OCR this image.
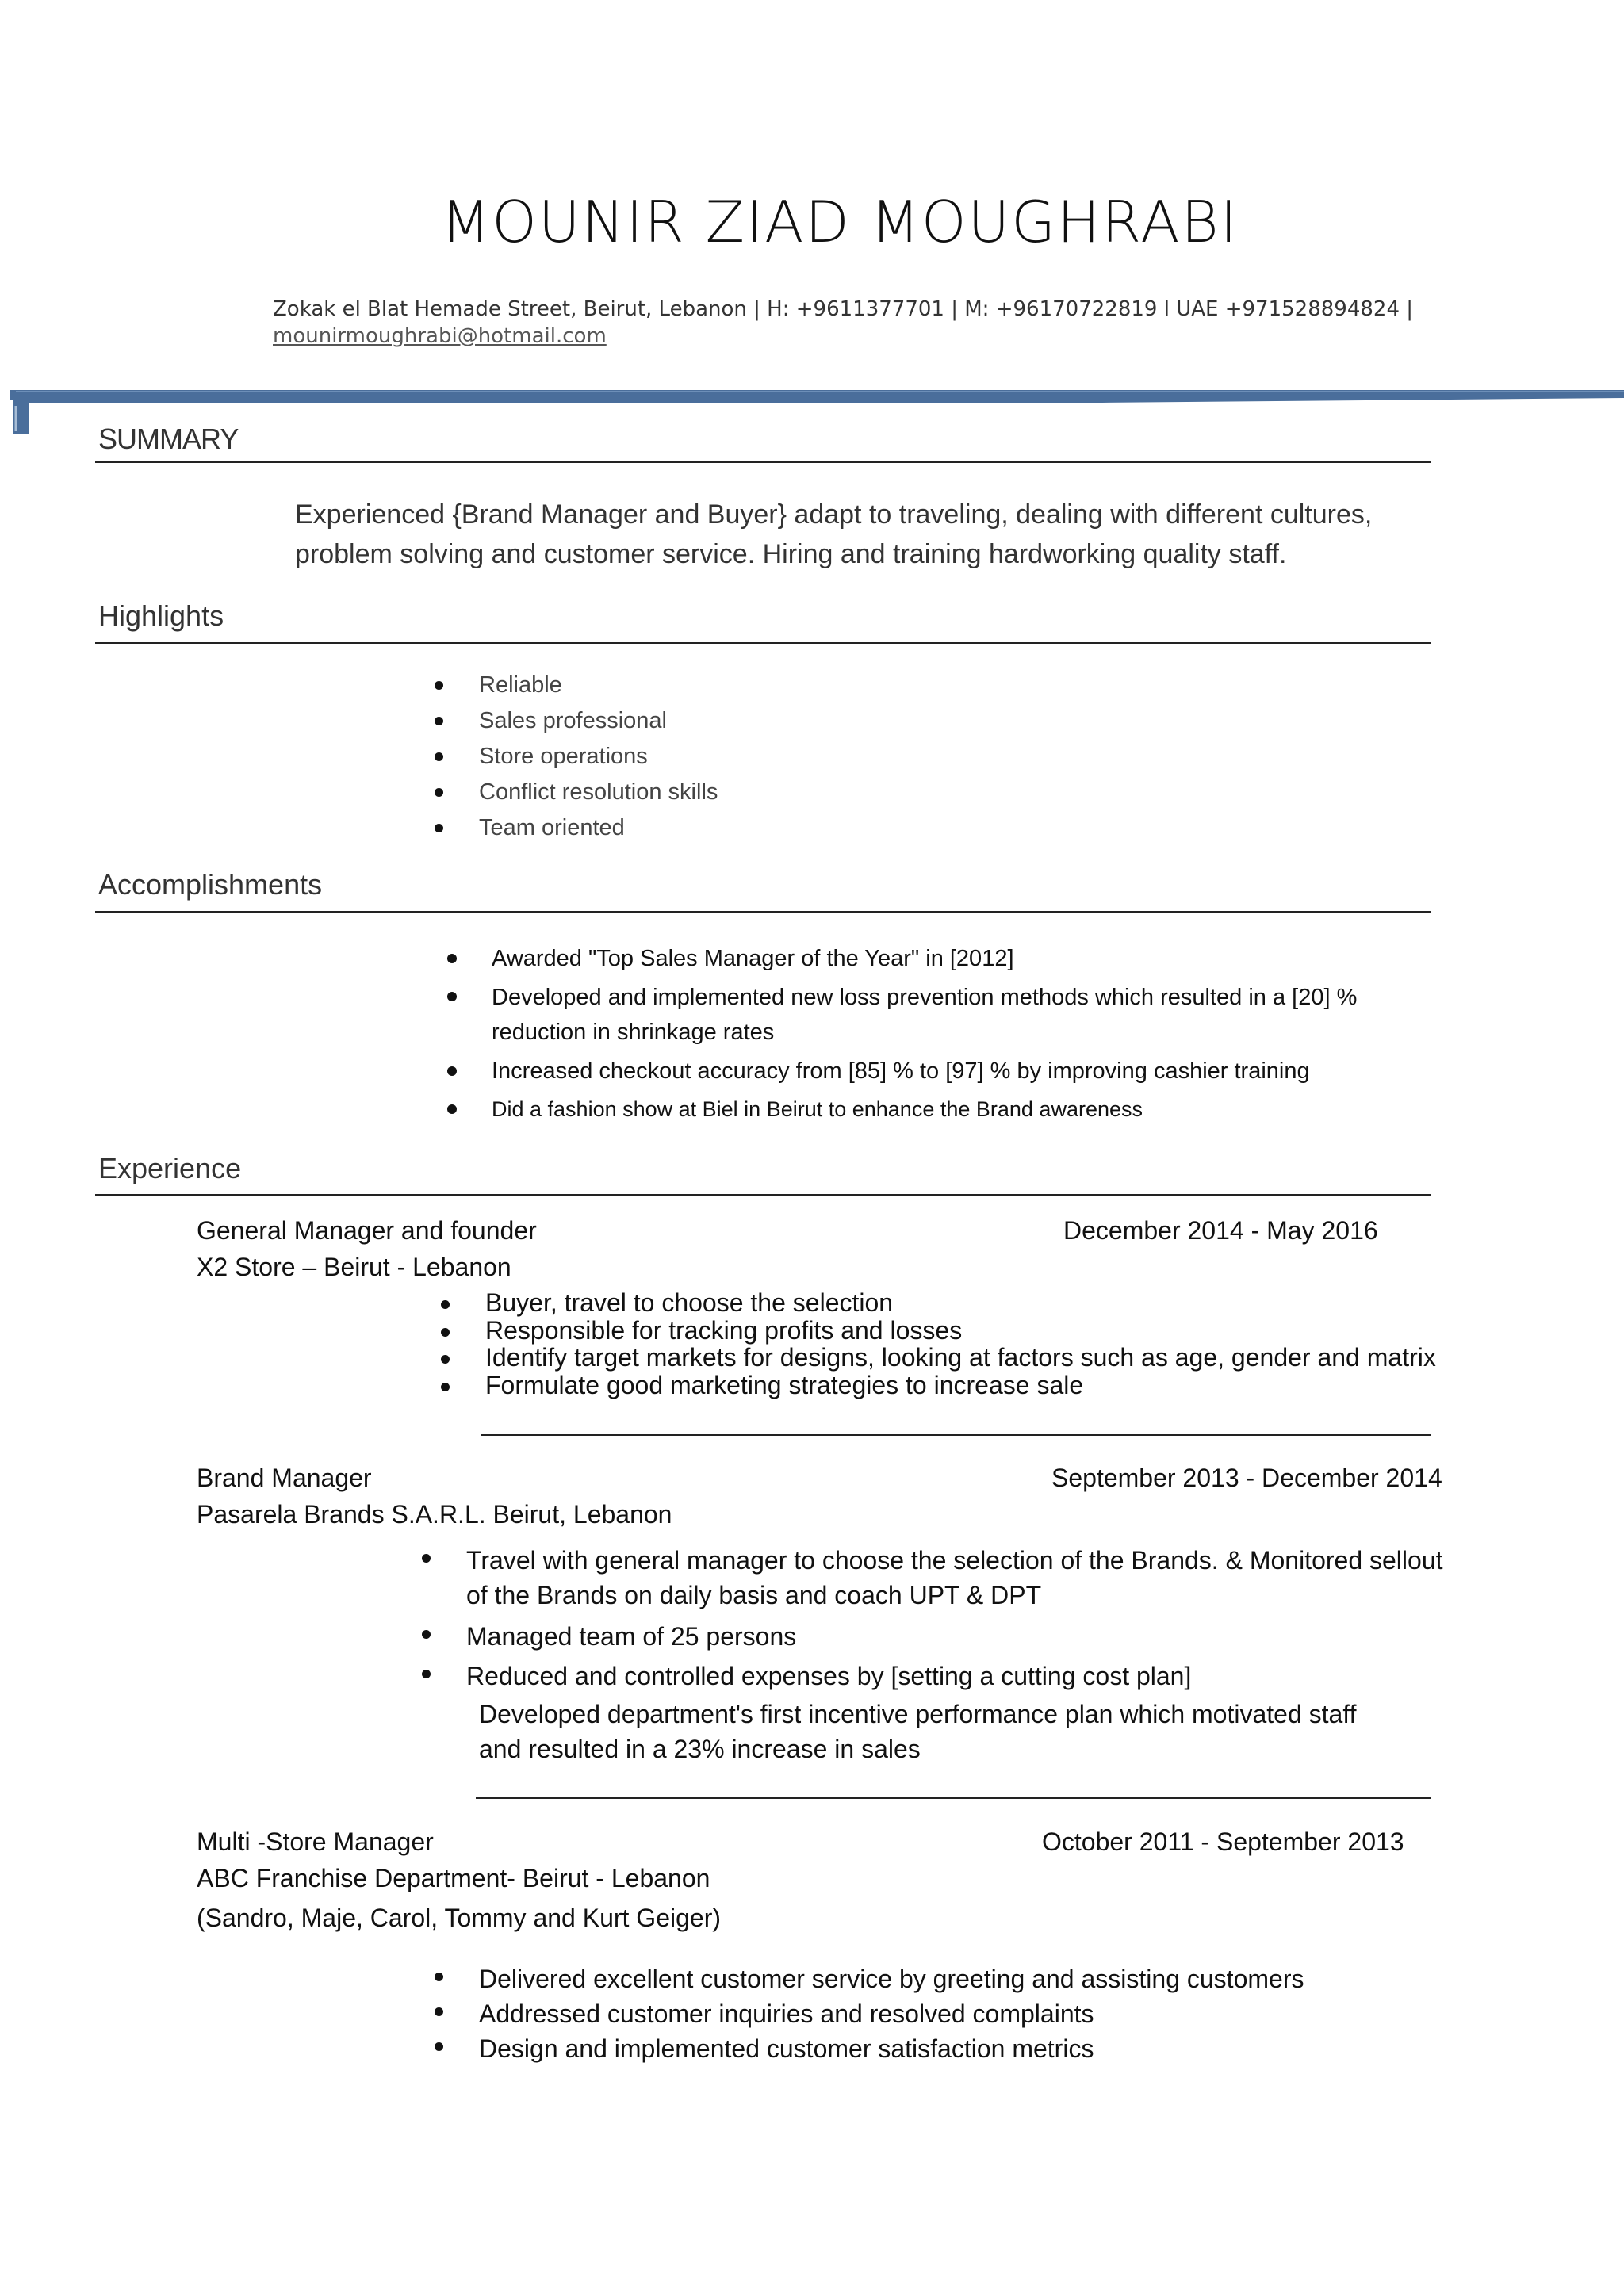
MOUNIR ZIAD MOUGHRABI
Zokak el Blat Hemade Street, Beirut, Lebanon | H: +9611377701 | M: +96170722819 l UAE +971528894824 |
mounirmoughrabi@hotmail.com
SUMMARY
Experienced {Brand Manager and Buyer} adapt to traveling, dealing with different cultures,
problem solving and customer service. Hiring and training hardworking quality staff.
Highlights
Reliable
Sales professional
Store operations
Conflict resolution skills
Team oriented
Accomplishments
Awarded "Top Sales Manager of the Year" in [2012]
Developed and implemented new loss prevention methods which resulted in a [20] %
reduction in shrinkage rates
Increased checkout accuracy from [85] % to [97] % by improving cashier training
Did a fashion show at Biel in Beirut to enhance the Brand awareness
Experience
General Manager and founder	December 2014 - May 2016
X2 Store – Beirut - Lebanon
Buyer, travel to choose the selection
Responsible for tracking profits and losses
Identify target markets for designs, looking at factors such as age, gender and matrix
Formulate good marketing strategies to increase sale
Brand Manager	September 2013 - December 2014
Pasarela Brands S.A.R.L. Beirut, Lebanon
Travel with general manager to choose the selection of the Brands. & Monitored sellout
of the Brands on daily basis and coach UPT & DPT
Managed team of 25 persons
Reduced and controlled expenses by [setting a cutting cost plan]
Developed department's first incentive performance plan which motivated staff
and resulted in a 23% increase in sales
Multi -Store Manager	October 2011 - September 2013
ABC Franchise Department- Beirut - Lebanon
(Sandro, Maje, Carol, Tommy and Kurt Geiger)
Delivered excellent customer service by greeting and assisting customers
Addressed customer inquiries and resolved complaints
Design and implemented customer satisfaction metrics
